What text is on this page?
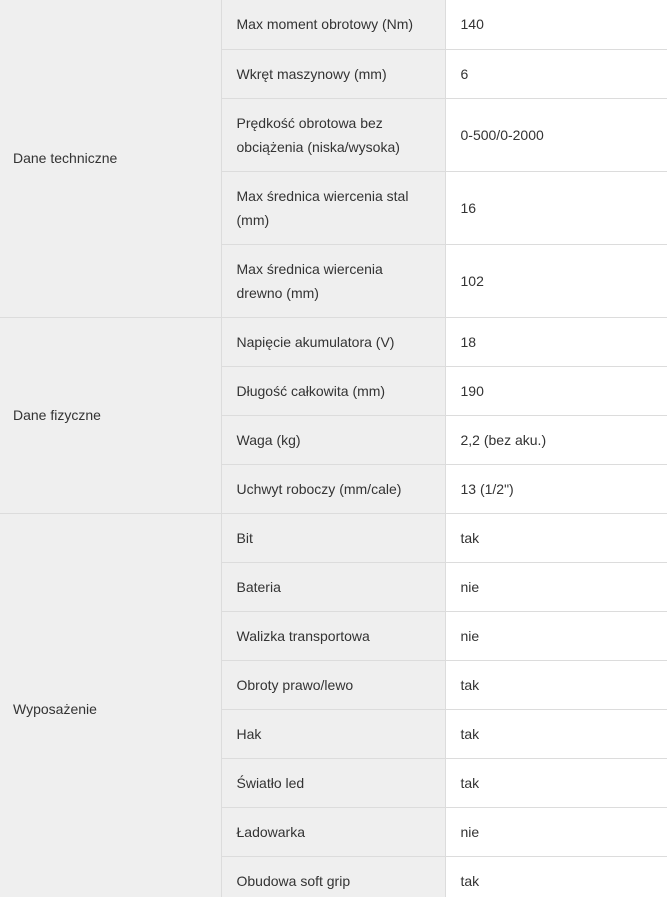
Dane techniczne	Max moment obrotowy (Nm)	140
	Wkręt maszynowy (mm)	6
	Prędkość obrotowa bez obciążenia (niska/wysoka)	0-500/0-2000
	Max średnica wiercenia stal (mm)	16
	Max średnica wiercenia drewno (mm)	102
Dane fizyczne	Napięcie akumulatora (V)	18
	Długość całkowita (mm)	190
	Waga (kg)	2,2 (bez aku.)
	Uchwyt roboczy (mm/cale)	13 (1/2")
Wyposażenie	Bit	tak
	Bateria	nie
	Walizka transportowa	nie
	Obroty prawo/lewo	tak
	Hak	tak
	Światło led	tak
	Ładowarka	nie
	Obudowa soft grip	tak
